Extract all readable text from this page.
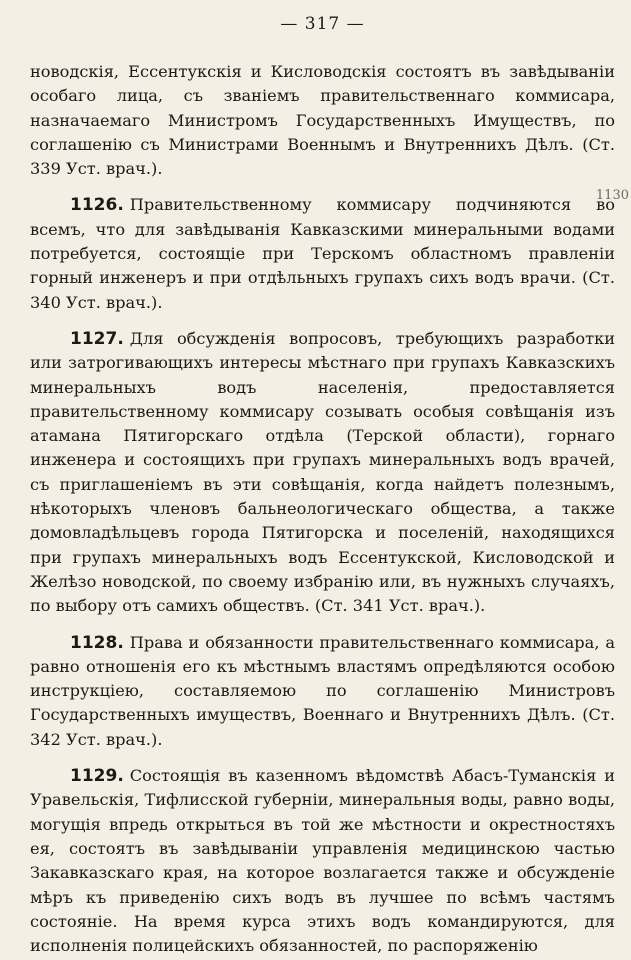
— 317 —
1130

новодскія, Ессентукскія и Кисловодскія состоятъ въ завѣдываніи особаго лица, съ званіемъ правительственнаго коммисара, назначаемаго Министромъ Государственныхъ Имуществъ, по соглашенію съ Министрами Военнымъ и Внутреннихъ Дѣлъ. (Ст. 339 Уст. врач.).

1126. Правительственному коммисару подчиняются во всемъ, что для завѣдыванія Кавказскими минеральными водами потребуется, состоящіе при Терскомъ областномъ правленіи горный инженеръ и при отдѣльныхъ групахъ сихъ водъ врачи. (Ст. 340 Уст. врач.).

1127. Для обсужденія вопросовъ, требующихъ разработки или затрогивающихъ интересы мѣстнаго при групахъ Кавказскихъ минеральныхъ водъ населенія, предоставляется правительственному коммисару созывать особыя совѣщанія изъ атамана Пятигорскаго отдѣла (Терской области), горнаго инженера и состоящихъ при групахъ минеральныхъ водъ врачей, съ приглашеніемъ въ эти совѣщанія, когда найдетъ полезнымъ, нѣкоторыхъ членовъ бальнеологическаго общества, а также домовладѣльцевъ города Пятигорска и поселеній, находящихся при групахъ минеральныхъ водъ Ессентукской, Кисловодской и Желѣзо новодской, по своему избранію или, въ нужныхъ случаяхъ, по выбору отъ самихъ обществъ. (Ст. 341 Уст. врач.).

1128. Права и обязанности правительственнаго коммисара, а равно отношенія его къ мѣстнымъ властямъ опредѣляются особою инструкціею, составляемою по соглашенію Министровъ Государственныхъ имуществъ, Военнаго и Внутреннихъ Дѣлъ. (Ст. 342 Уст. врач.).

1129. Состоящія въ казенномъ вѣдомствѣ Абасъ-Туманскія и Уравельскія, Тифлисской губерніи, минеральныя воды, равно воды, могущія впредь открыться въ той же мѣстности и окрестностяхъ ея, состоятъ въ завѣдываніи управленія медицинскою частью Закавказскаго края, на которое возлагается также и обсужденіе мѣръ къ приведенію сихъ водъ въ лучшее по всѣмъ частямъ состояніе. На время курса этихъ водъ командируются, для исполненія полицейскихъ обязанностей, по распоряженію
